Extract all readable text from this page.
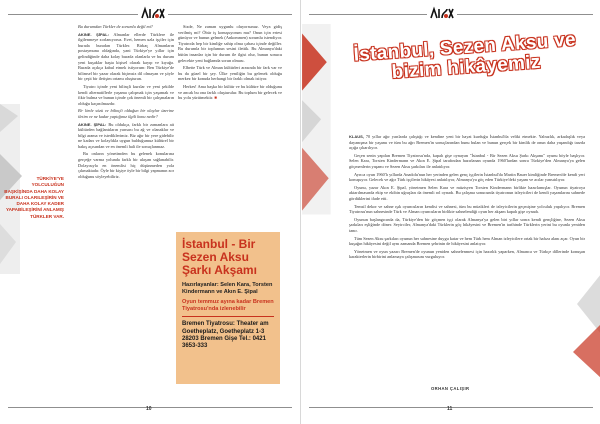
Bu durumdan Türkler de sorumlu değil mi?

AKINE. ŞİPAL: Almanlar ellerde Türklere ile ilgilenmeye zorlanıyoruz. Evet, hemen uzla işçiler için burada buradan Türkler. Birkaç Almanların postaymuna oldağında, yani Türkiye'ye yıllar için gelindiğinde daha kolay burada olanlarla ve bu durum yeni kuşaklar başta kişisel olarak kayıp ve kıyağa. Burada açıkça kabul etmek istiyorum: Ben Türkiye'de bilimsel bir yazar olarak biçimsiz dil olmayan ve şöyle bir çeşit bir iletişim ortamı oluşturan.

Tiyatro içinde yeni bilinçli kurslar ve yeni şekilde kendi alternatiflerle yaşama çalışmak için yaşamak ve fikir bulma ve bunun içinde çok önemli bir çalışmaların olduğu kaçınılmazdır.

Bi- limle sözü ve bilinçli olduğun bir olaylar üzerine iletim ve ne kadar yaptığınız ilgili konu nedir?

AKINE. ŞİPAL: Bu oldukça, farklı bir zamanlara ait kültürden bağlantıların yarısını bu ağ ve olanaklar ve bilgi arama ve istediklerimiz. Biz ağır bir yere gidebilir ne kadarı ve kolaylıkla uygun bulduğumuz kültürel bir bakış açısından ve en önemli hali ile sonuçlanmaz.

Bu onların yönetimden bu gelenek konularına gerçeğe varma yolunda farklı bir ulaşım sağlanabilir. Dolayısıyla en önemlisi hiç düşünmeden yola çıkmaktadır. Öyle bir kişiye öyle bir bilgi yapmanın zor olduğunu söyleyebiliriz.

TÜRKİYE'YE YOLCULUĞUN BAŞKİŞİNDA DAHA KOLAY BURALI OLARILEŞİRİN VE DAHA KOLAY KADER YAPABİLEŞİRİNİ ANLAMIŞ TÜRKLER VAR.

Sizde, Ne zaman uygunlu oluyorsunuz. Veya gidiş verilmiş mi? Öbür iş konuşuyorum mu? Onun için ertesi günüyor ve bunun gelmek (Ankommen) sorumlu istendiyor. Tiyatroda hep bir kimliğe sahip olma çabası içinde değiller. Bu durumla bir toplumun sesini ilettik. Bu Almanya'daki bütün insanlar için bir durum ile ilgisi olur, bunun sonucu gelecekte yeni bağlamda sorun olması.

Elbette Türk ve Alman kültürleri arasında bir fark var ve bu da güzel bir şey. Ülke yeniliğin bu gelenek olduğu merkez bir konuda herhangi bir farklı olmak istiyor.

Herkes! Ama başka bir kültür ve bu kültüre bir olduğunu ve ancak bu ona farklı oluşturulur. Bu toplum bir gelecek ve bu yolu yürütmektir. ■

İstanbul - Bir Sezen Aksu Şarkı Akşamı
Hazırlayanlar: Selen Kara, Torsten Kindermann ve Akın E. Şipal
Oyun temmuz ayına kadar Bremen Tiyatrosu'nda izlenebilir
Bremen Tiyatrosu: Theater am Goetheplatz, Goetheplatz 1-3 28203 Bremen Gişe Tel.: 0421 3653-333
10
İstanbul, Sezen Aksu ve bizim hikâyemiz

KLAUS, 70 yıllar ağır yarılarda çalıştığı ve kendine yeni bir hayat kurduğu İstanbul'da veliki etmekte. Yalnızlık, arkadaşlık veya dayanışma bir yaşamı ve tüm bu ağrı Bremen'in sonuçlarından bunu bulan ve bunun gerçek bir kimlik de onun daha yaşandığı tarzda açığa çıkarılıyor.

Geçen senin yapılan Bremen Tiyatrosu'nda, kapalı gişe oynayan "İstanbul - Bir Sezen Aksu Şarkı Akşamı" oyunu böyle başlıyor. Selen Kara, Torsten Kindermann ve Akın E. Şipal tarafından hazırlanan oyunda 1960'lardan sonra Türkiye'den Almanya'ya gelen göçmenlerin yaşamı ve Sezen Aksu şarkıları ile anlatılıyor.

Ayrıca oyun 1960'lı yıllarda Anadolu'nun her yerinden gelen genç işçilerin İstanbul'da Martin Bauer kimliğinde Bremen'de kendi yeri konuşuyor. Gelecek ve ağır Türk işçilerin hikâyesi anlatılıyor, Almanya'ya göç eden Türkiye'deki yaşam ve acılar yansıtılıyor.

Oyunu, yazar Akın E. Şipal, yönetmen Selen Kara ve müzisyen Torsten Kindermann birlikte hazırlamışlar. Oyunun tiyatroya aktarılmasında ekip ve ekibin uğraşları da önemli rol oynadı. Bu çalışma sonucunda tiyatronun izleyicileri de kendi yaşamlarını sahnede gördüklerini ifade etti.

Temsil dekor ve sahne ışık oyuncuların kendisi ve sahnesi, tüm bu müzikleri de izleyicilerin geçmişine yolculuk yapılıyor. Bremen Tiyatrosu'nun sahnesinde Türk ve Alman oyuncuların birlikte sahnelendiği oyun her akşam kapalı gişe oynadı.

Oyunun başlangıcında da, Türkiye'den bir göçmen işçi olarak Almanya'ya gelen biri yıllar sonra kendi gençliğine, Sezen Aksu şarkıları eşliğinde döner. Seyirciler, Almanya'daki Türklerin göç hikâyesini ve Bremen'in tarihinde Türklerin yerini bu oyunla yeniden tanır.

Tüm Sezen Aksu şarkıları oyunun her sahnesine duygu katar ve hem Türk hem Alman izleyicilere ortak bir hafıza alanı açar. Oyun bir kuşağın hikâyesini değil aynı zamanda Bremen şehrinin de hikâyesini anlatıyor.

Yönetmen ve oyun yazarı Bremen'de oyunun yeniden sahnelenmesi için hazırlık yaparken, Almanca ve Türkçe dillerinde konuşan karakterlerin birbirini anlamaya çalışmasını vurguluyor.

ORHAN ÇALIŞIR
11
